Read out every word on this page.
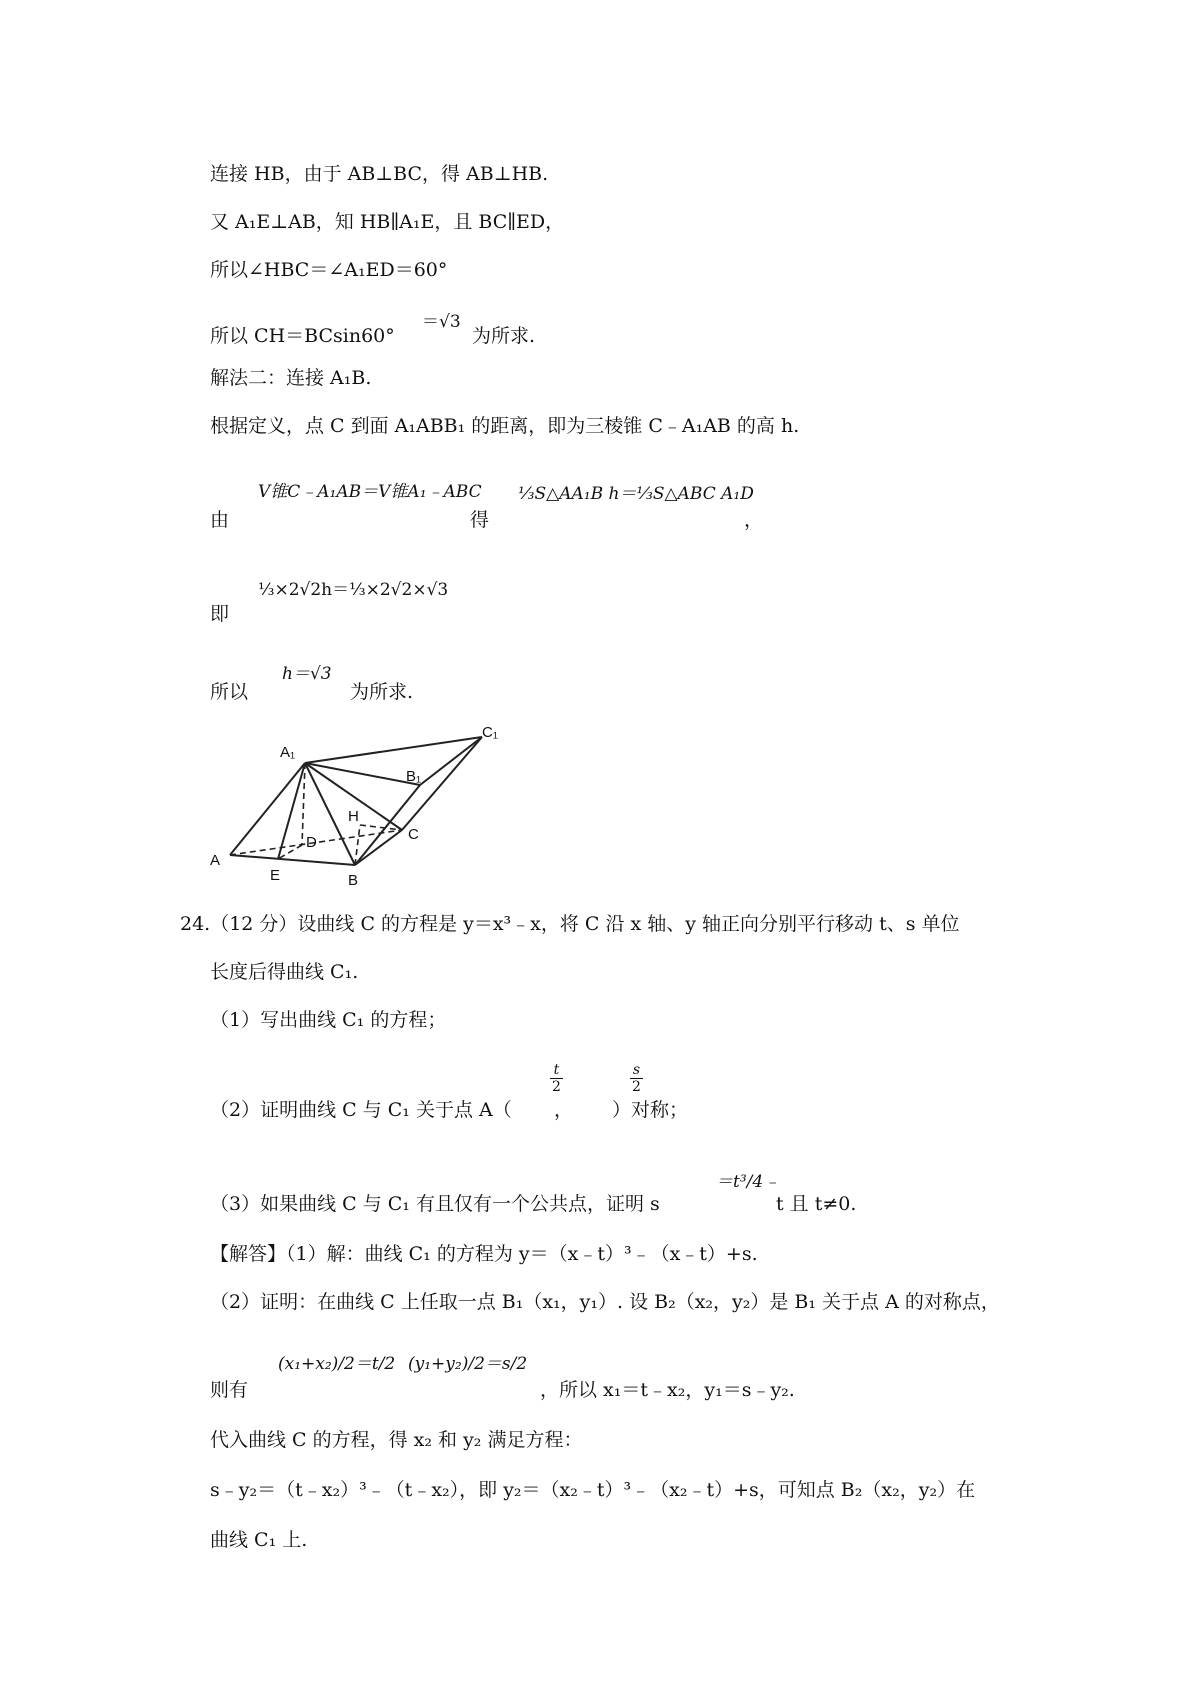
连接 HB，由于 AB⊥BC，得 AB⊥HB.
又 A₁E⊥AB，知 HB∥A₁E，且 BC∥ED，
所以∠HBC＝∠A₁ED＝60°
所以 CH＝BCsin60°
＝√3
为所求.
解法二：连接 A₁B.
根据定义，点 C 到面 A₁ABB₁ 的距离，即为三棱锥 C﹣A₁AB 的高 h.
由
V锥C﹣A₁AB＝V锥A₁﹣ABC
得
⅓S△AA₁B h＝⅓S△ABC A₁D
，
即
⅓×2√2h＝⅓×2√2×√3
所以
h＝√3
为所求.
A₁
C₁
B₁
H
D	C
A
E	B
24.（12 分）设曲线 C 的方程是 y＝x³﹣x，将 C 沿 x 轴、y 轴正向分别平行移动 t、s 单位
长度后得曲线 C₁.
（1）写出曲线 C₁ 的方程；
（2）证明曲线 C 与 C₁ 关于点 A（
$\frac{t}{2}$
，
$\frac{s}{2}$
）对称；
（3）如果曲线 C 与 C₁ 有且仅有一个公共点，证明 s
＝t³/4﹣
t 且 t≠0.
【解答】（1）解：曲线 C₁ 的方程为 y＝（x﹣t）³﹣（x﹣t）+s.
（2）证明：在曲线 C 上任取一点 B₁（x₁，y₁）. 设 B₂（x₂，y₂）是 B₁ 关于点 A 的对称点，
则有
(x₁+x₂)/2＝t/2 (y₁+y₂)/2＝s/2
，所以 x₁＝t﹣x₂，y₁＝s﹣y₂.
代入曲线 C 的方程，得 x₂ 和 y₂ 满足方程：
s﹣y₂＝（t﹣x₂）³﹣（t﹣x₂），即 y₂＝（x₂﹣t）³﹣（x₂﹣t）+s，可知点 B₂（x₂，y₂）在
曲线 C₁ 上.
